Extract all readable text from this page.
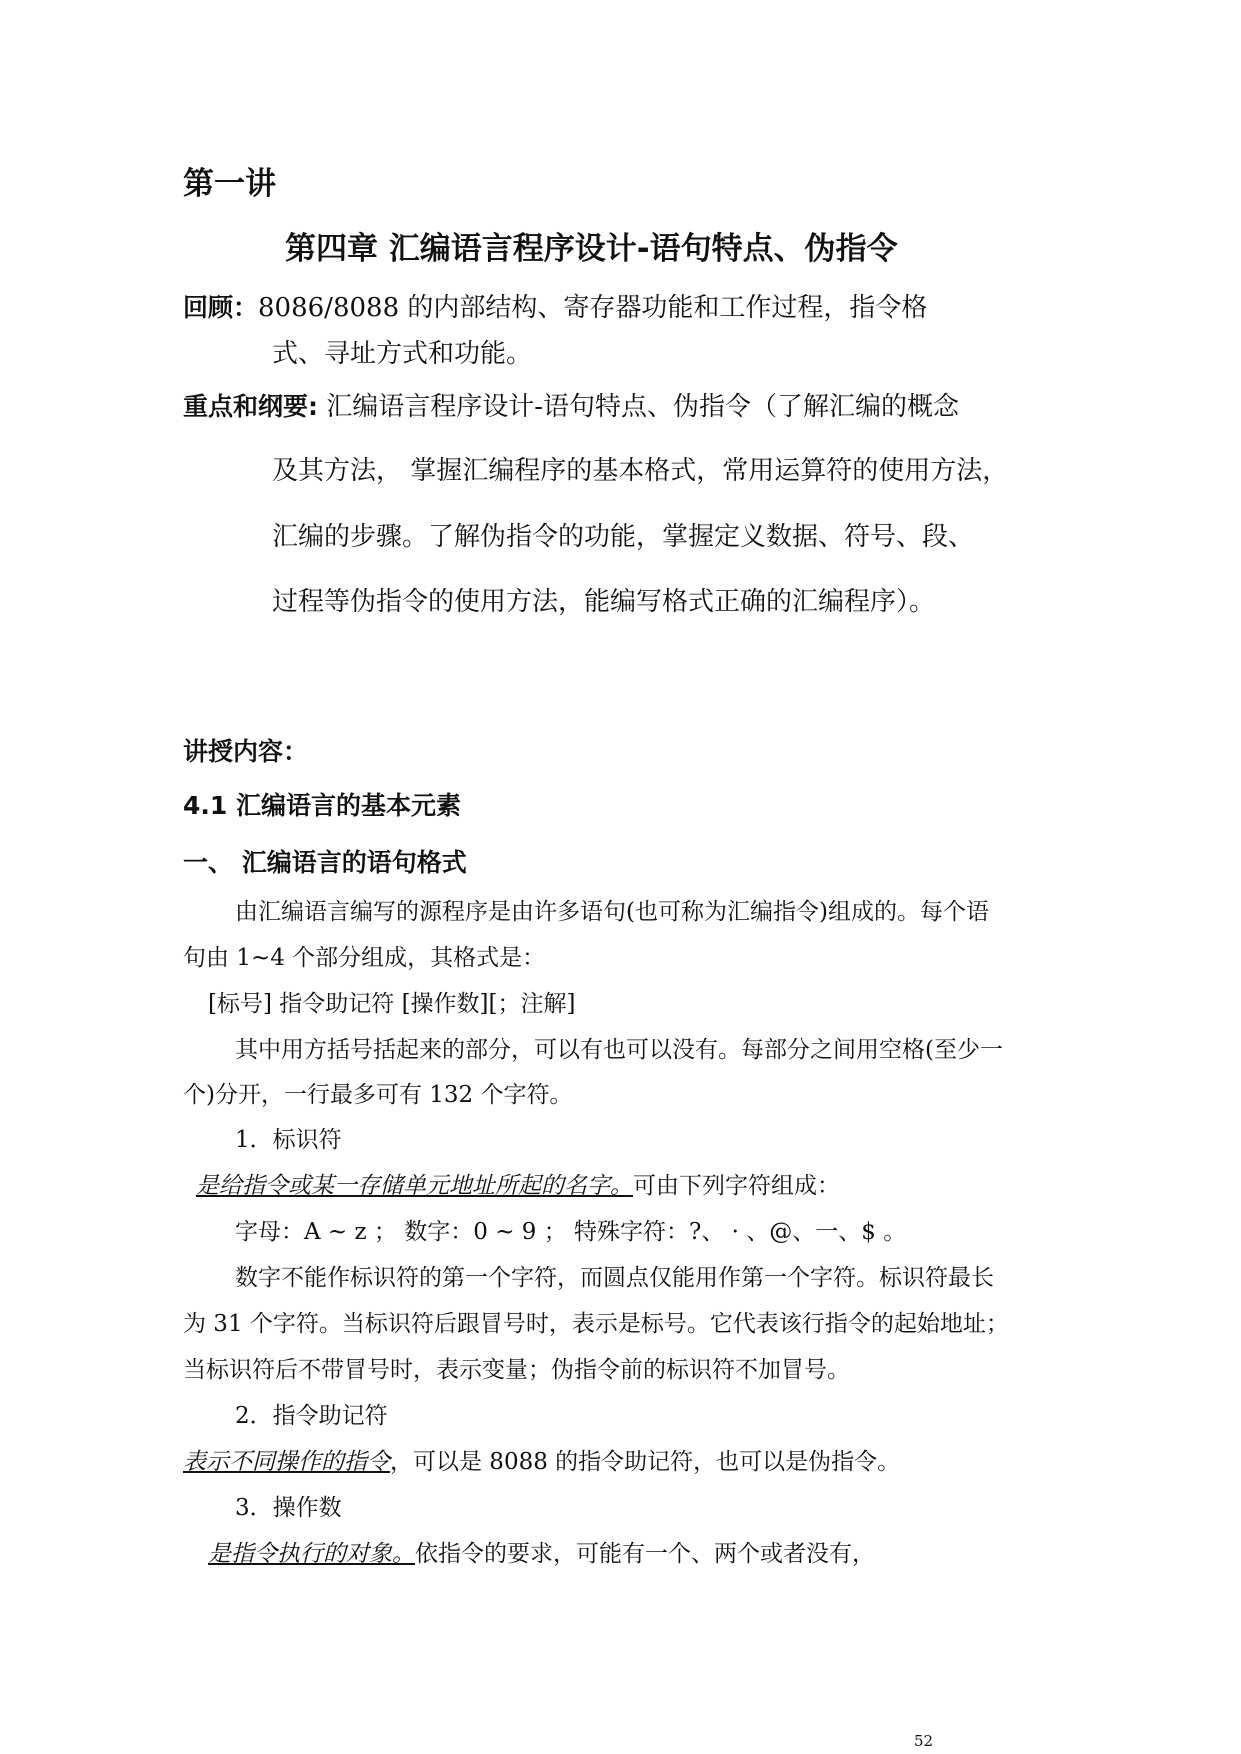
第一讲
第四章 汇编语言程序设计-语句特点、伪指令
回顾：8086/8088 的内部结构、寄存器功能和工作过程，指令格
式、寻址方式和功能。
重点和纲要: 汇编语言程序设计-语句特点、伪指令（了解汇编的概念
及其方法， 掌握汇编程序的基本格式，常用运算符的使用方法，
汇编的步骤。了解伪指令的功能，掌握定义数据、符号、段、
过程等伪指令的使用方法，能编写格式正确的汇编程序）。
讲授内容：
4.1 汇编语言的基本元素
一、 汇编语言的语句格式
由汇编语言编写的源程序是由许多语句(也可称为汇编指令)组成的。每个语
句由 1~4 个部分组成，其格式是：
[标号] 指令助记符 [操作数][；注解]
其中用方括号括起来的部分，可以有也可以没有。每部分之间用空格(至少一
个)分开，一行最多可有 132 个字符。
1．标识符
是给指令或某一存储单元地址所起的名字。可由下列字符组成：
字母：A ~ z ； 数字：0 ~ 9 ； 特殊字符：?、 · 、@、一、$ 。
数字不能作标识符的第一个字符，而圆点仅能用作第一个字符。标识符最长
为 31 个字符。当标识符后跟冒号时，表示是标号。它代表该行指令的起始地址；
当标识符后不带冒号时，表示变量；伪指令前的标识符不加冒号。
2．指令助记符
表示不同操作的指令，可以是 8088 的指令助记符，也可以是伪指令。
3．操作数
是指令执行的对象。依指令的要求，可能有一个、两个或者没有，
52
